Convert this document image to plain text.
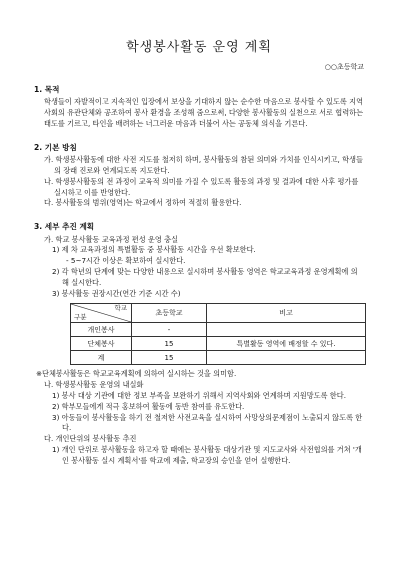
학생봉사활동 운영 계획
○○초등학교
1. 목적

학생들이 자발적이고 지속적인 입장에서 보상을 기대하지 않는 순수한 마음으로 봉사할 수 있도록 지역사회의 유관단체와 공조하여 봉사 환경을 조성해 줌으로써, 다양한 봉사활동의 실천으로 서로 협력하는 태도를 기르고, 타인을 배려하는 너그러운 마음과 더불어 사는 공동체 의식을 기른다.

2. 기본 방침

가. 학생봉사활동에 대한 사전 지도를 철저히 하며, 봉사활동의 참된 의미와 가치를 인식시키고, 학생들의 장래 진로와 연계되도록 지도한다.

나. 학생봉사활동의 전 과정이 교육적 의미를 가질 수 있도록 활동의 과정 및 결과에 대한 사후 평가를 실시하고 이를 반영한다.

다. 봉사활동의 범위(영역)는 학교에서 정하여 적절히 활용한다.

3. 세부 추진 계획

가. 학교 봉사활동 교육과정 편성 운영 충실

1) 제 차 교육과정의 특별활동 중 봉사활동 시간을 우선 확보한다.

- 5~7시간 이상은 확보하여 실시한다.

2) 각 학년의 단계에 맞는 다양한 내용으로 실시하며 봉사활동 영역은 학교교육과정 운영계획에 의해 실시한다.

3) 봉사활동 권장시간(연간 기준 시간 수)

학교
구분	초등학교	비고
개인봉사	-	
단체봉사	15	특별활동 영역에 배정할 수 있다.
계	15	

※단체봉사활동은 학교교육계획에 의하여 실시하는 것을 의미함.

나. 학생봉사활동 운영의 내실화

1) 봉사 대상 기관에 대한 정보 부족을 보완하기 위해서 지역사회와 연계하며 지원망도록 한다.

2) 학부모들에게 적극 홍보하여 활동에 동반 참여를 유도한다.

3) 아동들이 봉사활동을 하기 전 철저한 사전교육을 실시하여 사망상의문제점이 노출되지 않도록 한다.

다. 개인단위의 봉사활동 추진

1) 개인 단위로 봉사활동을 하고자 할 때에는 봉사활동 대상기관 및 지도교사와 사전협의를 거쳐 '개인 봉사활동 실시 계획서'를 학교에 제출, 학교장의 승인을 얻어 실행한다.
